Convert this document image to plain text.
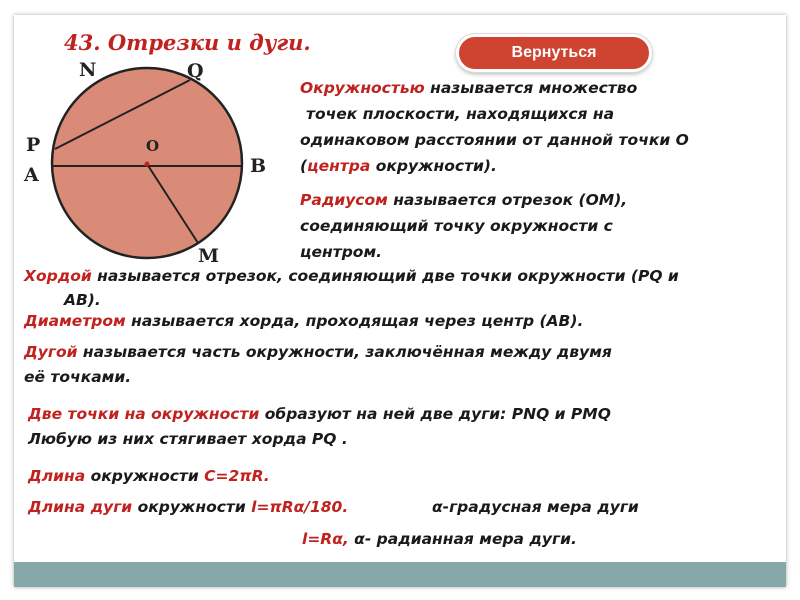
43. Отрезки и дуги.	Вернуться
N	Q
P
A
O
B
M
Окружностью называется множество
точек плоскости, находящихся на
одинаковом расстоянии от данной точки О
(центра окружности).
Радиусом называется отрезок (ОМ),
соединяющий точку окружности с
центром.
Хордой называется отрезок, соединяющий две точки окружности (PQ и
АВ).
Диаметром называется хорда, проходящая через центр (АВ).
Дугой называется часть окружности, заключённая между двумя
её точками.
Две точки на окружности образуют на ней две дуги: PNQ и PMQ
Любую из них стягивает хорда PQ .
Длина окружности С=2πR.
Длина дуги окружности l=πRα/180.	α-градусная мера дуги
l=Rα, α- радианная мера дуги.
